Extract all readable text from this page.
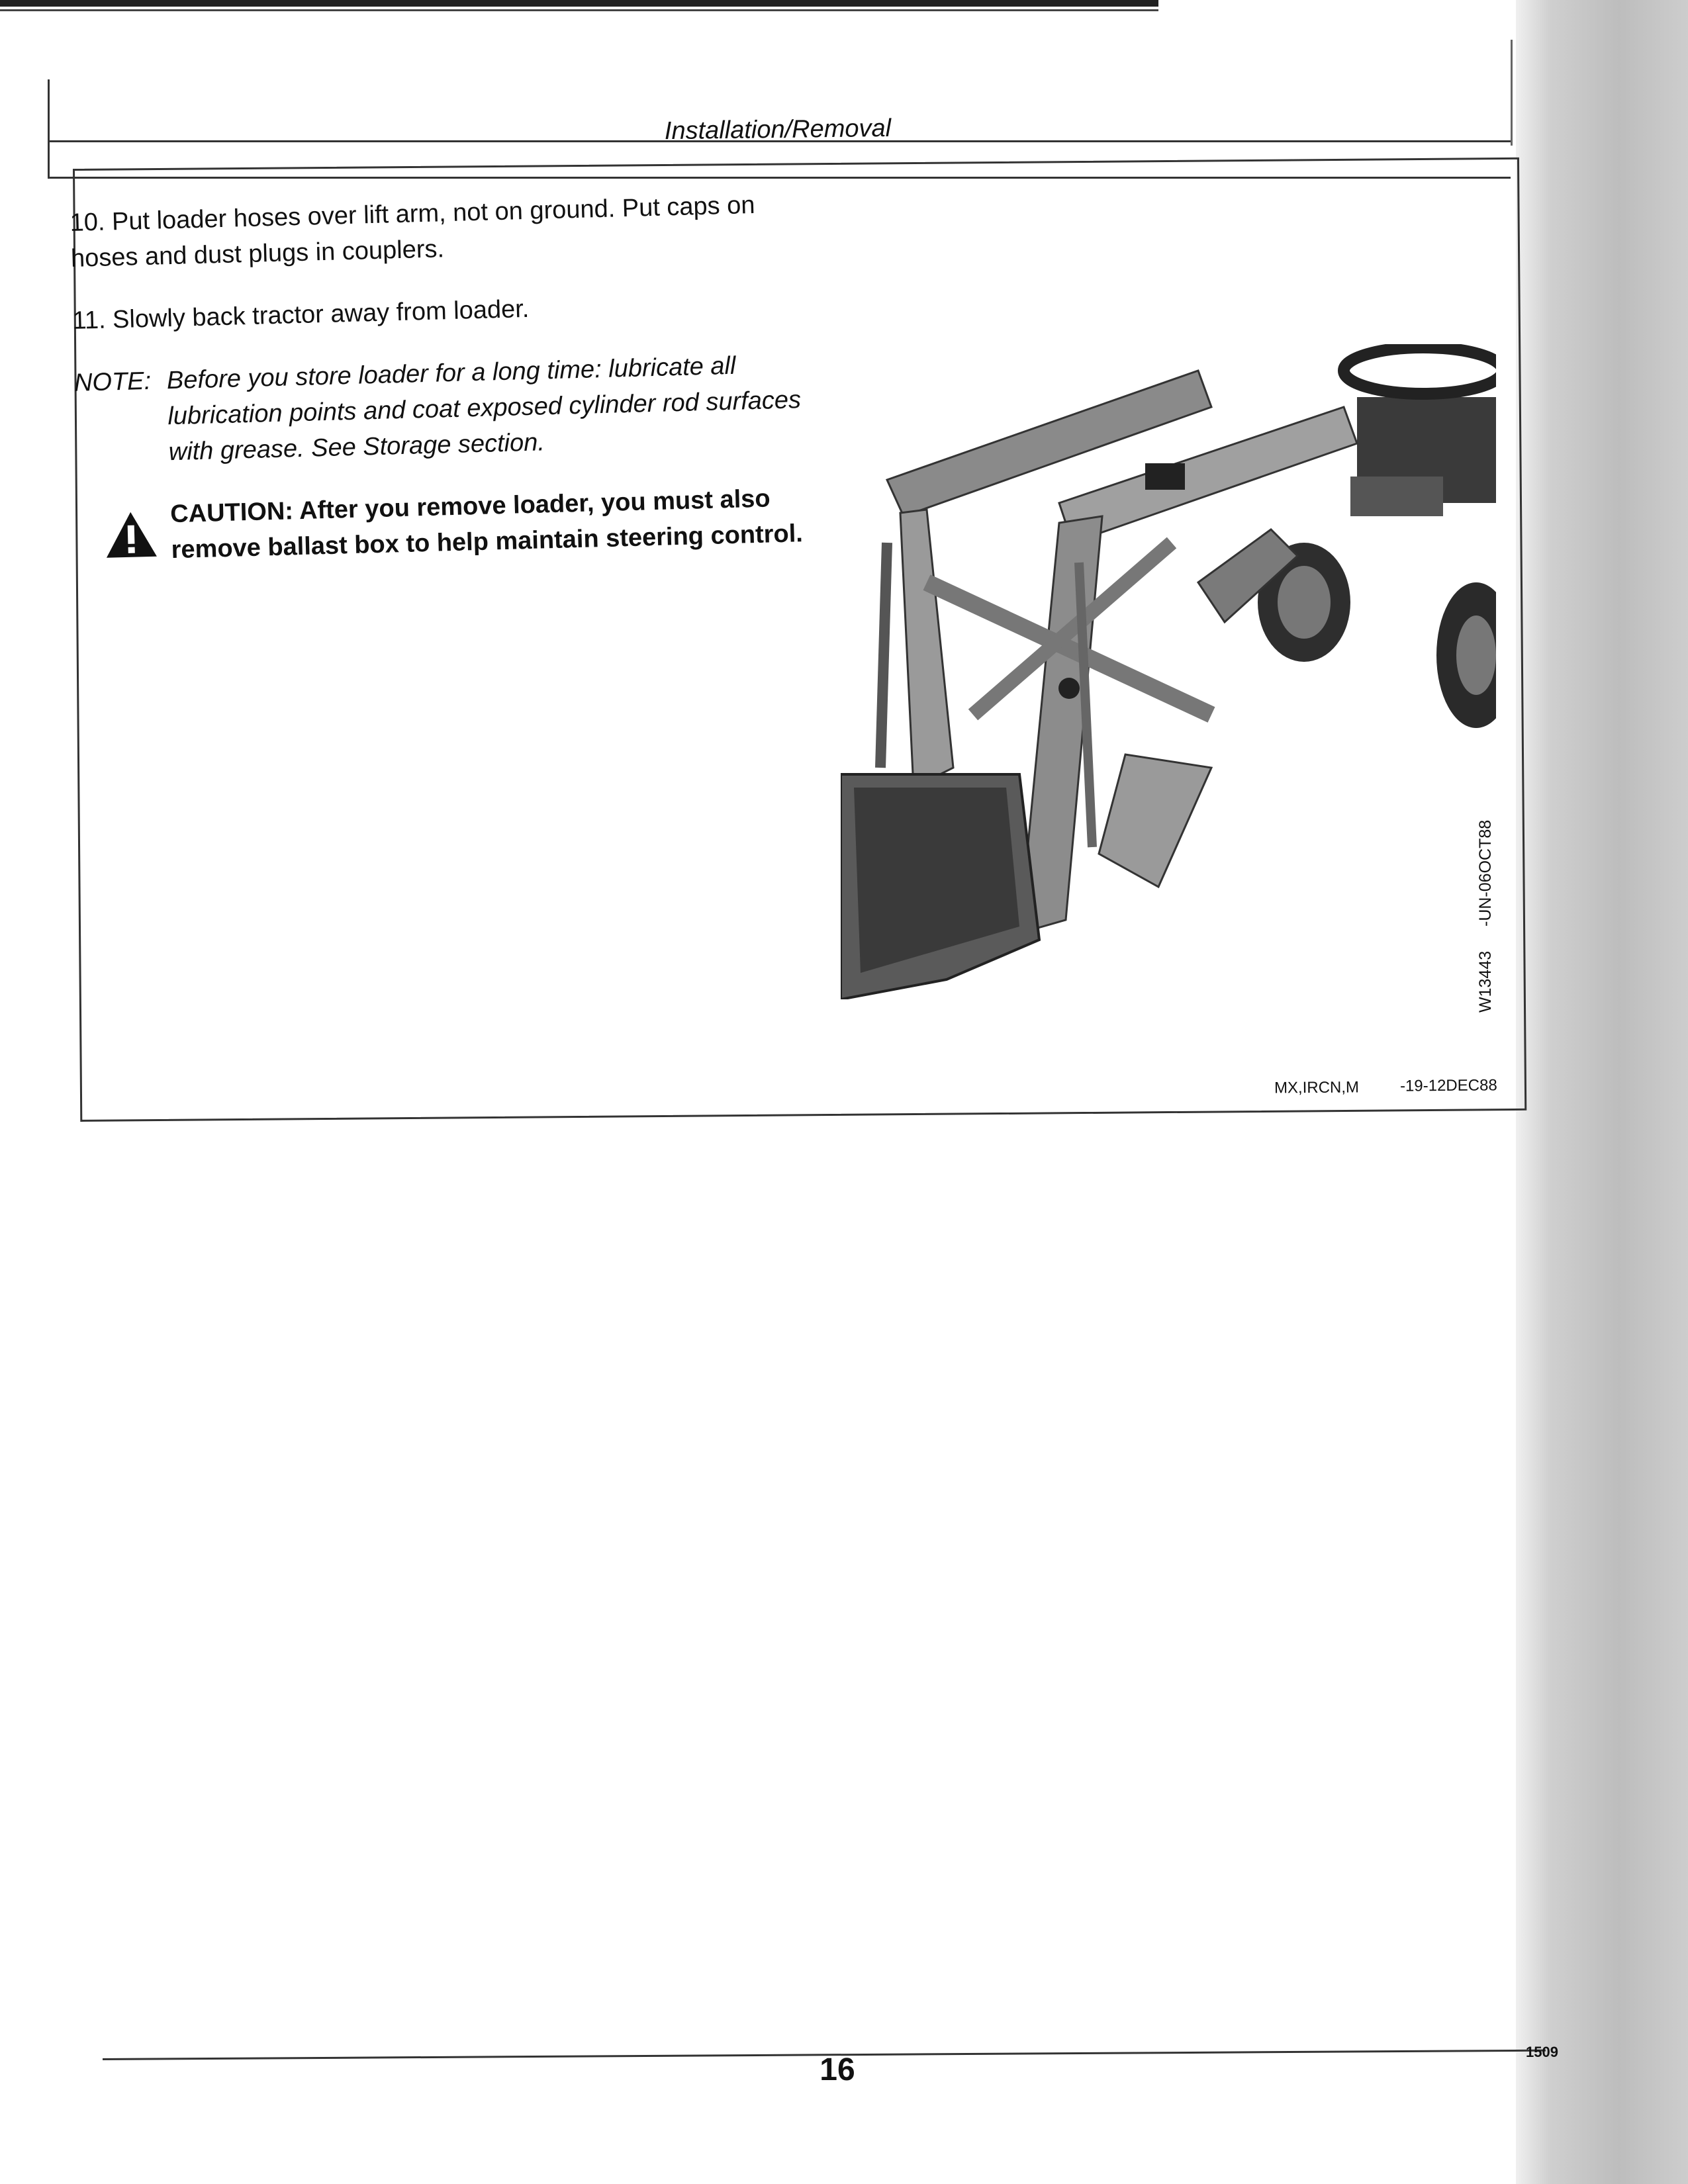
Installation/Removal

10. Put loader hoses over lift arm, not on ground. Put caps on hoses and dust plugs in couplers.

11. Slowly back tractor away from loader.

NOTE: Before you store loader for a long time: lubricate all lubrication points and coat exposed cylinder rod surfaces with grease. See Storage section.

CAUTION: After you remove loader, you must also remove ballast box to help maintain steering control.
-UN-06OCT88
W13443
MX,IRCN,M	-19-12DEC88
16
1509
